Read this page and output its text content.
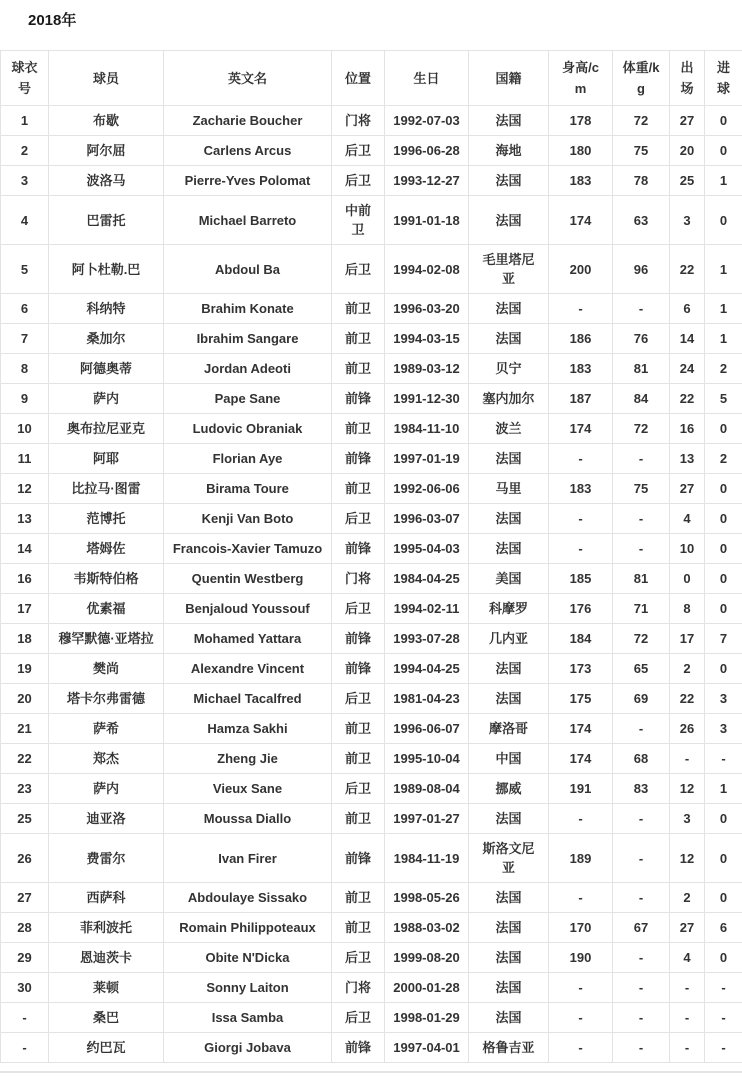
2018年
球衣号	球员	英文名	位置	生日	国籍	身高/cm	体重/kg	出场	进球
1	布歇	Zacharie Boucher	门将	1992-07-03	法国	178	72	27	0
2	阿尔屈	Carlens Arcus	后卫	1996-06-28	海地	180	75	20	0
3	波洛马	Pierre-Yves Polomat	后卫	1993-12-27	法国	183	78	25	1
4	巴雷托	Michael Barreto	中前卫	1991-01-18	法国	174	63	3	0
5	阿卜杜勒.巴	Abdoul Ba	后卫	1994-02-08	毛里塔尼亚	200	96	22	1
6	科纳特	Brahim Konate	前卫	1996-03-20	法国	-	-	6	1
7	桑加尔	Ibrahim Sangare	前卫	1994-03-15	法国	186	76	14	1
8	阿德奥蒂	Jordan Adeoti	前卫	1989-03-12	贝宁	183	81	24	2
9	萨内	Pape Sane	前锋	1991-12-30	塞内加尔	187	84	22	5
10	奥布拉尼亚克	Ludovic Obraniak	前卫	1984-11-10	波兰	174	72	16	0
11	阿耶	Florian Aye	前锋	1997-01-19	法国	-	-	13	2
12	比拉马·图雷	Birama Toure	前卫	1992-06-06	马里	183	75	27	0
13	范博托	Kenji Van Boto	后卫	1996-03-07	法国	-	-	4	0
14	塔姆佐	Francois-Xavier Tamuzo	前锋	1995-04-03	法国	-	-	10	0
16	韦斯特伯格	Quentin Westberg	门将	1984-04-25	美国	185	81	0	0
17	优素福	Benjaloud Youssouf	后卫	1994-02-11	科摩罗	176	71	8	0
18	穆罕默德·亚塔拉	Mohamed Yattara	前锋	1993-07-28	几内亚	184	72	17	7
19	樊尚	Alexandre Vincent	前锋	1994-04-25	法国	173	65	2	0
20	塔卡尔弗雷德	Michael Tacalfred	后卫	1981-04-23	法国	175	69	22	3
21	萨希	Hamza Sakhi	前卫	1996-06-07	摩洛哥	174	-	26	3
22	郑杰	Zheng Jie	前卫	1995-10-04	中国	174	68	-	-
23	萨内	Vieux Sane	后卫	1989-08-04	挪威	191	83	12	1
25	迪亚洛	Moussa Diallo	前卫	1997-01-27	法国	-	-	3	0
26	费雷尔	Ivan Firer	前锋	1984-11-19	斯洛文尼亚	189	-	12	0
27	西萨科	Abdoulaye Sissako	前卫	1998-05-26	法国	-	-	2	0
28	菲利波托	Romain Philippoteaux	前卫	1988-03-02	法国	170	67	27	6
29	恩迪茨卡	Obite N'Dicka	后卫	1999-08-20	法国	190	-	4	0
30	莱顿	Sonny Laiton	门将	2000-01-28	法国	-	-	-	-
-	桑巴	Issa Samba	后卫	1998-01-29	法国	-	-	-	-
-	约巴瓦	Giorgi Jobava	前锋	1997-04-01	格鲁吉亚	-	-	-	-
